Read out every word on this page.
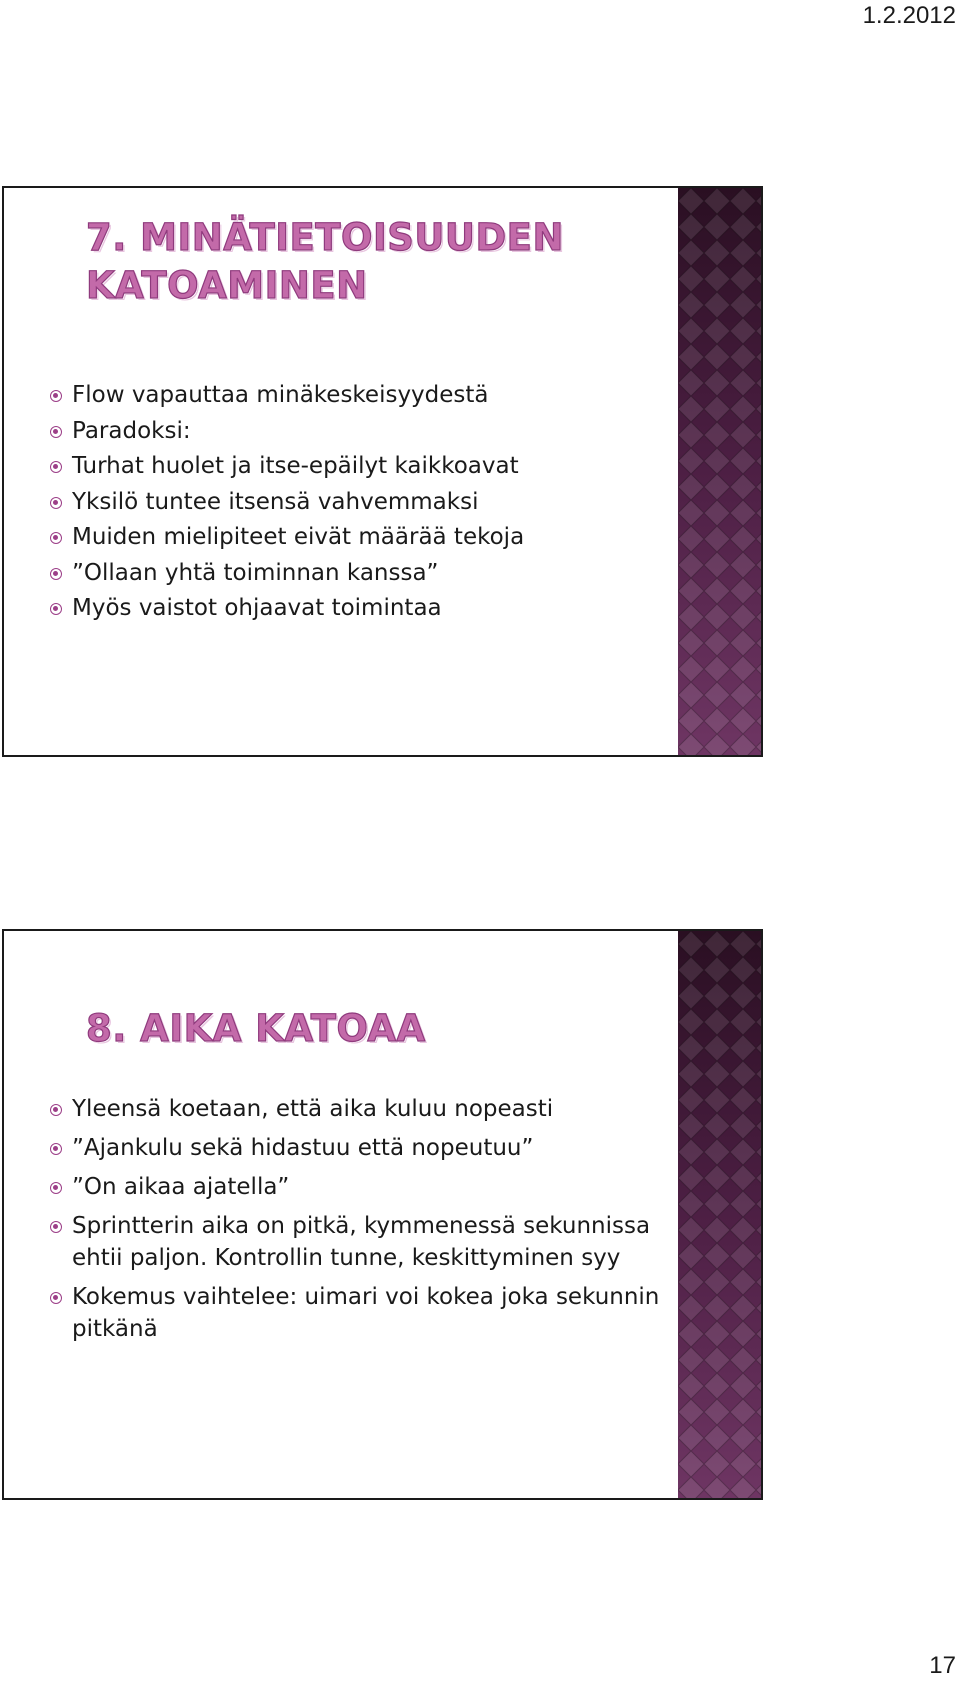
1.2.2012
7. MINÄTIETOISUUDEN
KATOAMINEN
Flow vapauttaa minäkeskeisyydestä
Paradoksi:
Turhat huolet ja itse-epäilyt kaikkoavat
Yksilö tuntee itsensä vahvemmaksi
Muiden mielipiteet eivät määrää tekoja
”Ollaan yhtä toiminnan kanssa”
Myös vaistot ohjaavat toimintaa
8. AIKA KATOAA
Yleensä koetaan, että aika kuluu nopeasti
”Ajankulu sekä hidastuu että nopeutuu”
”On aikaa ajatella”
Sprintterin aika on pitkä, kymmenessä sekunnissa
ehtii paljon. Kontrollin tunne, keskittyminen syy
Kokemus vaihtelee: uimari voi kokea joka sekunnin
pitkänä
17
